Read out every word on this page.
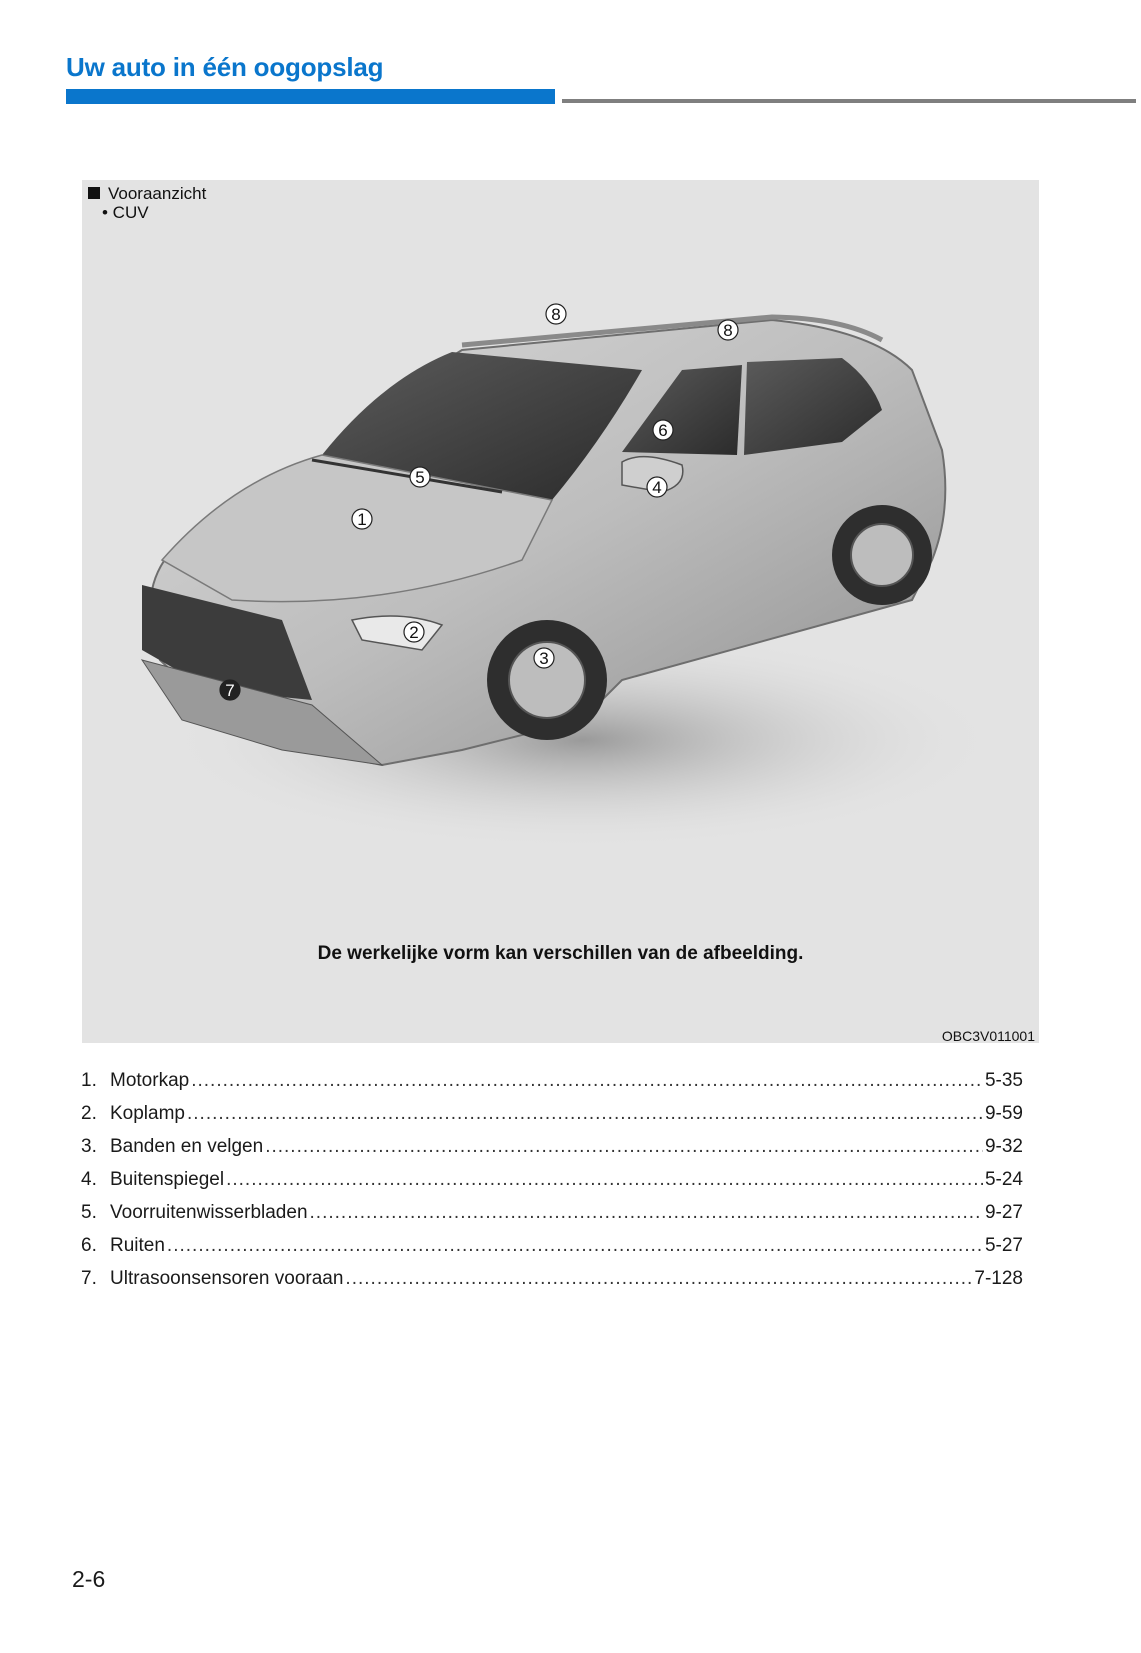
Uw auto in één oogopslag
Vooraanzicht
• CUV
1
2
3
4
5
6
7
8
8
De werkelijke vorm kan verschillen van de afbeelding.
OBC3V011001
1. Motorkap .....	5-35
2. Koplamp .....	9-59
3. Banden en velgen .....	9-32
4. Buitenspiegel .....	5-24
5. Voorruitenwisserbladen .....	9-27
6. Ruiten .....	5-27
7. Ultrasoonsensoren vooraan .....	7-128
2-6
